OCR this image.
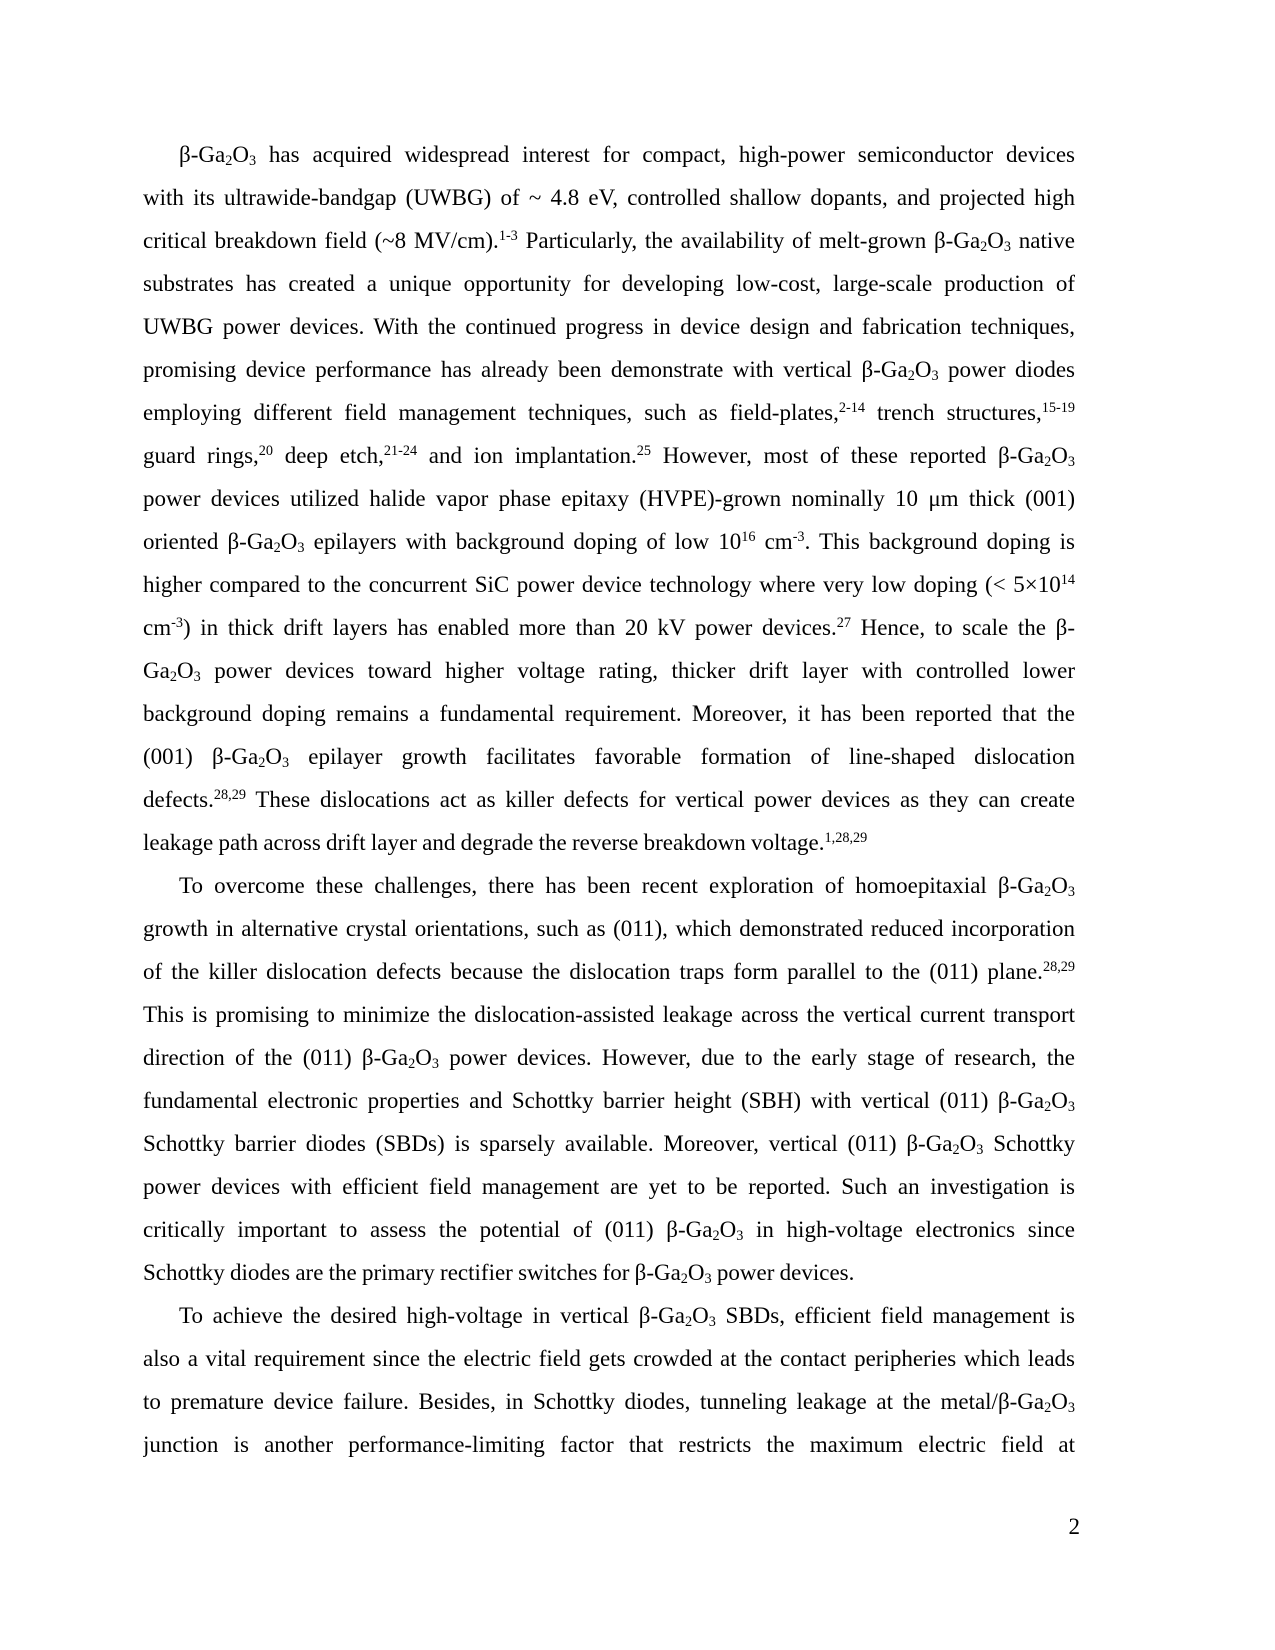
$\beta-Ga_2O_3$ has acquired widespread interest for compact, high-power semiconductor devices
with its ultrawide-bandgap (UWBG) of ~ 4.8 eV, controlled shallow dopants, and projected high
critical breakdown field (~8 MV/cm).$^{1-3}$ Particularly, the availability of melt-grown $\beta-Ga_2O_3$ native
substrates has created a unique opportunity for developing low-cost, large-scale production of
UWBG power devices. With the continued progress in device design and fabrication techniques,
promising device performance has already been demonstrate with vertical $\beta-Ga_2O_3$ power diodes
employing different field management techniques, such as field-plates,$^{2-14}$ trench structures,$^{15-19}$
guard rings,$^{20}$ deep etch,$^{21-24}$ and ion implantation.$^{25}$ However, most of these reported $\beta-Ga_2O_3$
power devices utilized halide vapor phase epitaxy (HVPE)-grown nominally 10 μm thick (001)
oriented $\beta-Ga_2O_3$ epilayers with background doping of low $10^{16}$ $cm^{-3}$. This background doping is
higher compared to the concurrent SiC power device technology where very low doping (< $5\times 10^{14}$
$cm^{-3}$) in thick drift layers has enabled more than 20 kV power devices.$^{27}$ Hence, to scale the β-
$Ga_2O_3$ power devices toward higher voltage rating, thicker drift layer with controlled lower
background doping remains a fundamental requirement. Moreover, it has been reported that the
(001) $\beta-Ga_2O_3$ epilayer growth facilitates favorable formation of line-shaped dislocation
defects.$^{28,29}$ These dislocations act as killer defects for vertical power devices as they can create
leakage path across drift layer and degrade the reverse breakdown voltage.$^{1,28,29}$
To overcome these challenges, there has been recent exploration of homoepitaxial $\beta-Ga_2O_3$
growth in alternative crystal orientations, such as (011), which demonstrated reduced incorporation
of the killer dislocation defects because the dislocation traps form parallel to the (011) plane.$^{28,29}$
This is promising to minimize the dislocation-assisted leakage across the vertical current transport
direction of the (011) $\beta-Ga_2O_3$ power devices. However, due to the early stage of research, the
fundamental electronic properties and Schottky barrier height (SBH) with vertical (011) $\beta-Ga_2O_3$
Schottky barrier diodes (SBDs) is sparsely available. Moreover, vertical (011) $\beta-Ga_2O_3$ Schottky
power devices with efficient field management are yet to be reported. Such an investigation is
critically important to assess the potential of (011) $\beta-Ga_2O_3$ in high-voltage electronics since
Schottky diodes are the primary rectifier switches for $\beta-Ga_2O_3$ power devices.
To achieve the desired high-voltage in vertical $\beta-Ga_2O_3$ SBDs, efficient field management is
also a vital requirement since the electric field gets crowded at the contact peripheries which leads
to premature device failure. Besides, in Schottky diodes, tunneling leakage at the metal/$\beta-Ga_2O_3$
junction is another performance-limiting factor that restricts the maximum electric field at
2
